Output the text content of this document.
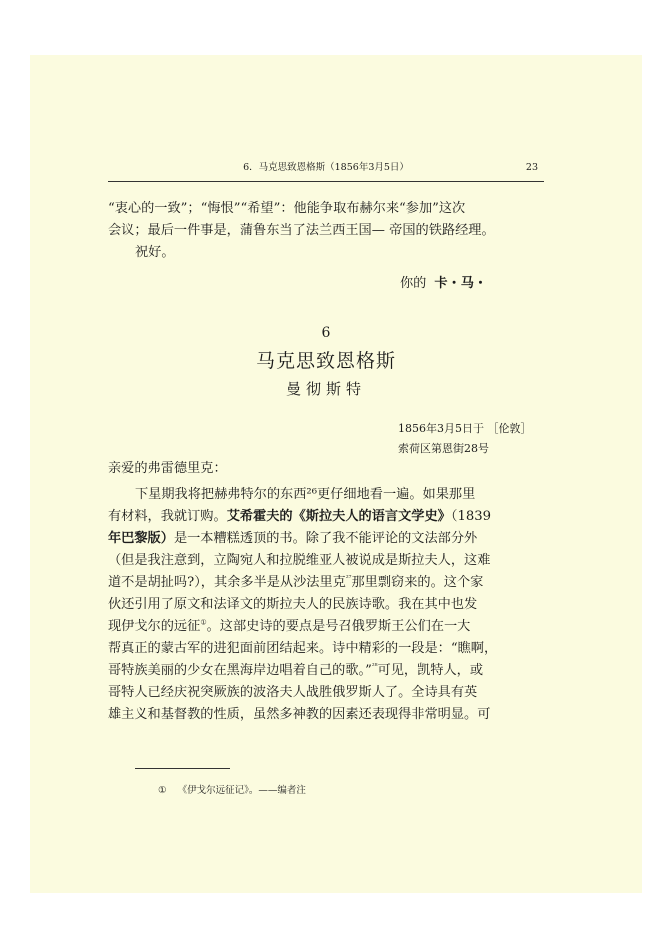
6．马克思致恩格斯（1856年3月5日）	23
“衷心的一致”；“悔恨”“希望”：他能争取布赫尔来“参加”这次
会议；最后一件事是，蒲鲁东当了法兰西王国— 帝国的铁路经理。
祝好。
你的 卡・马・
6
马克思致恩格斯
曼彻斯特
1856年3月5日于 ［伦敦］
索荷区第恩街28号
亲爱的弗雷德里克：
下星期我将把赫弗特尔的东西²⁶更仔细地看一遍。如果那里
有材料，我就订购。艾希霍夫的《斯拉夫人的语言文学史》（1839
年巴黎版）是一本糟糕透顶的书。除了我不能评论的文法部分外
（但是我注意到，立陶宛人和拉脱维亚人被说成是斯拉夫人，这难
道不是胡扯吗?），其余多半是从沙法里克$^{^{27}}$那里剽窃来的。这个家
伙还引用了原文和法译文的斯拉夫人的民族诗歌。我在其中也发
现伊戈尔的远征①。这部史诗的要点是号召俄罗斯王公们在一大
帮真正的蒙古军的进犯面前团结起来。诗中精彩的一段是：“瞧啊，
哥特族美丽的少女在黑海岸边唱着自己的歌。”$^{^{28}}$可见，凯特人，或
哥特人已经庆祝突厥族的波洛夫人战胜俄罗斯人了。全诗具有英
雄主义和基督教的性质，虽然多神教的因素还表现得非常明显。可
① 《伊戈尔远征记》。——编者注
